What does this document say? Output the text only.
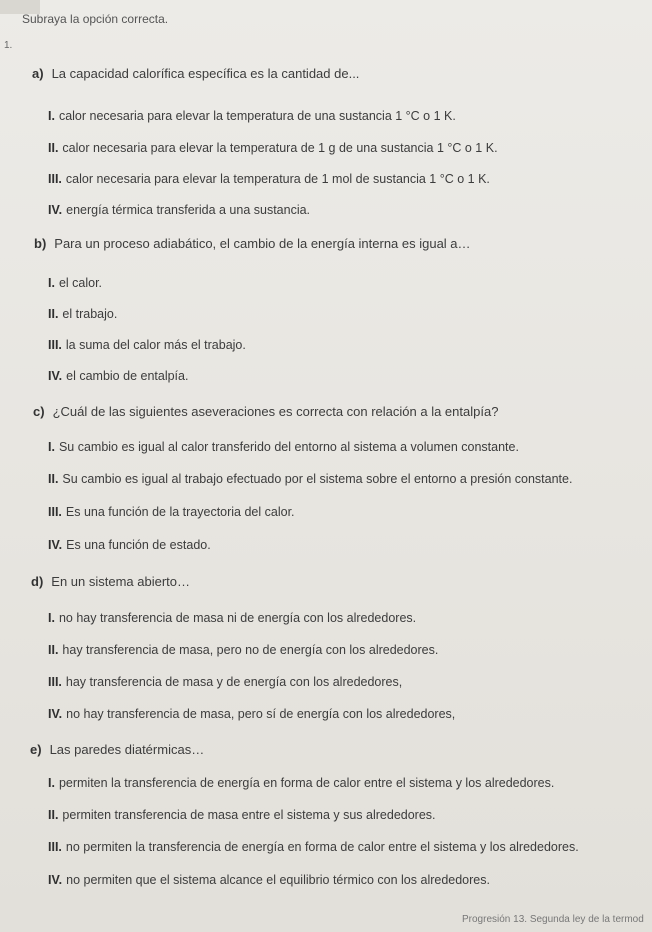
1.
Subraya la opción correcta.
a) La capacidad calorífica específica es la cantidad de...
I. calor necesaria para elevar la temperatura de una sustancia 1 °C o 1 K.
II. calor necesaria para elevar la temperatura de 1 g de una sustancia 1 °C o 1 K.
III. calor necesaria para elevar la temperatura de 1 mol de sustancia 1 °C o 1 K.
IV. energía térmica transferida a una sustancia.
b) Para un proceso adiabático, el cambio de la energía interna es igual a…
I. el calor.
II. el trabajo.
III. la suma del calor más el trabajo.
IV. el cambio de entalpía.
c) ¿Cuál de las siguientes aseveraciones es correcta con relación a la entalpía?
I. Su cambio es igual al calor transferido del entorno al sistema a volumen constante.
II. Su cambio es igual al trabajo efectuado por el sistema sobre el entorno a presión constante.
III. Es una función de la trayectoria del calor.
IV. Es una función de estado.
d) En un sistema abierto…
I. no hay transferencia de masa ni de energía con los alrededores.
II. hay transferencia de masa, pero no de energía con los alrededores.
III. hay transferencia de masa y de energía con los alrededores,
IV. no hay transferencia de masa, pero sí de energía con los alrededores,
e) Las paredes diatérmicas…
I. permiten la transferencia de energía en forma de calor entre el sistema y los alrededores.
II. permiten transferencia de masa entre el sistema y sus alrededores.
III. no permiten la transferencia de energía en forma de calor entre el sistema y los alrededores.
IV. no permiten que el sistema alcance el equilibrio térmico con los alrededores.
Progresión 13. Segunda ley de la termod
